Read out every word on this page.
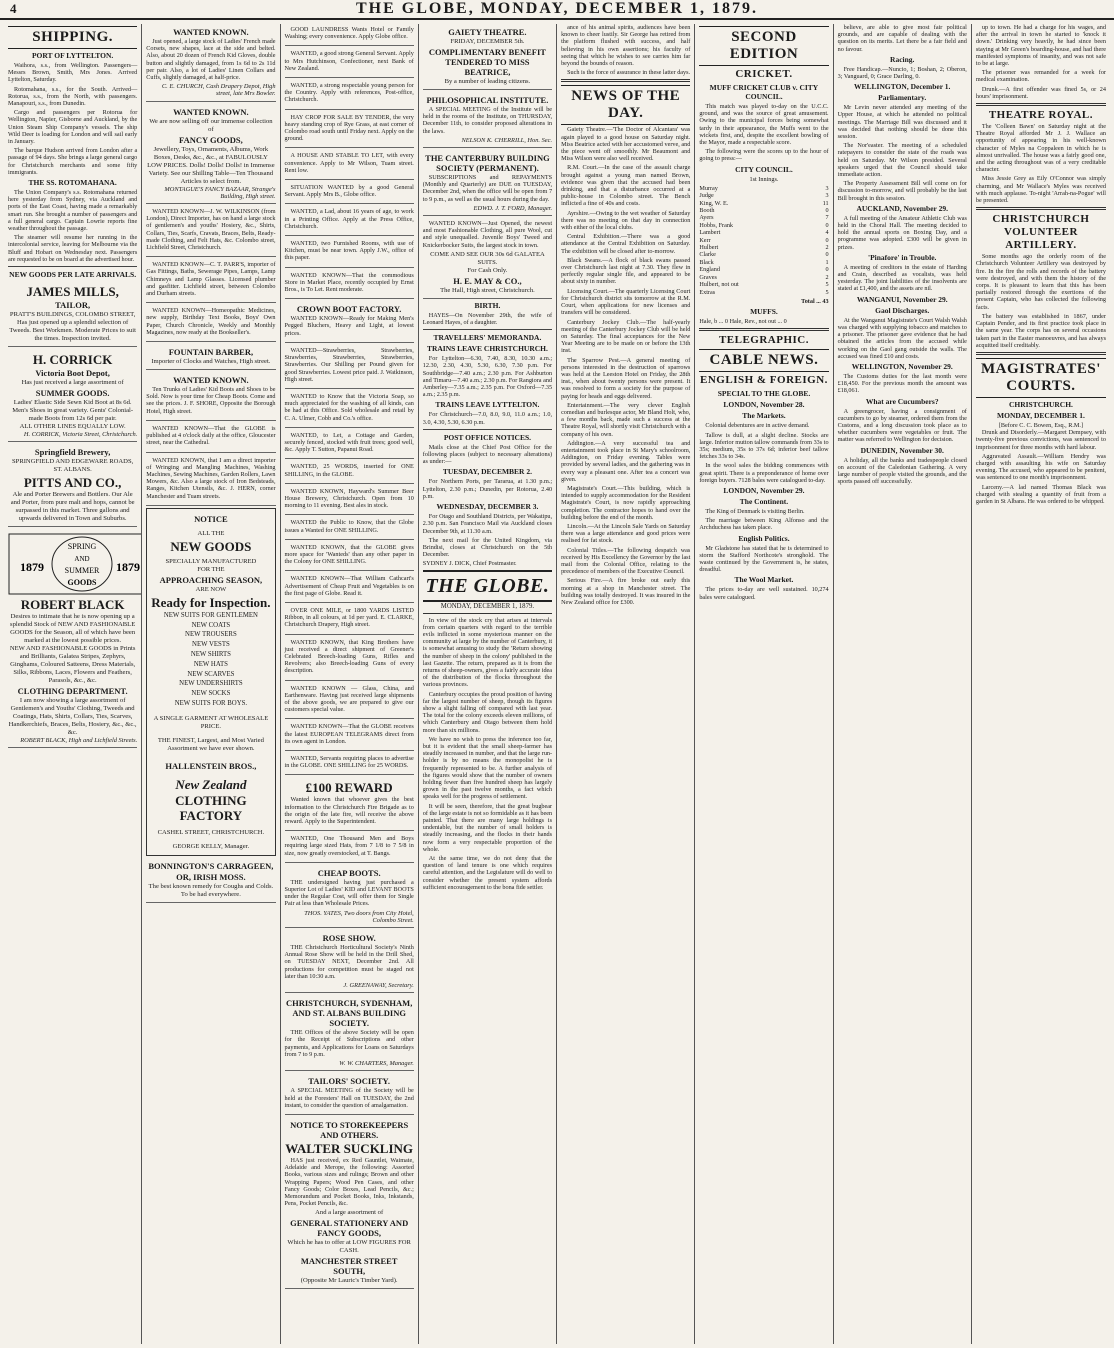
4	THE GLOBE, MONDAY, DECEMBER 1, 1879.
SHIPPING.
PORT OF LYTTELTON.

Waihora, s.s., from Wellington. Passengers—Messrs Brown, Smith, Mrs Jones. Arrived Lyttelton, Saturday.

Rotomahana, s.s., for the South. Arrived—Rotorua, s.s., from the North, with passengers. Manapouri, s.s., from Dunedin.

Cargo and passengers per Rotorua for Wellington, Napier, Gisborne and Auckland, by the Union Steam Ship Company's vessels. The ship Wild Deer is loading for London and will sail early in January.

The barque Hudson arrived from London after a passage of 94 days. She brings a large general cargo for Christchurch merchants and some fifty immigrants.

THE SS. ROTOMAHANA.

The Union Company's s.s. Rotomahana returned here yesterday from Sydney, via Auckland and ports of the East Coast, having made a remarkably smart run. She brought a number of passengers and a full general cargo. Captain Lowrie reports fine weather throughout the passage.

The steamer will resume her running in the intercolonial service, leaving for Melbourne via the Bluff and Hobart on Wednesday next. Passengers are requested to be on board at the advertised hour.

NEW GOODS PER LATE ARRIVALS.
JAMES MILLS,
TAILOR,
PRATT'S BUILDINGS, COLOMBO STREET,
Has just opened up a splendid selection of Tweeds. Best Workmen. Moderate Prices to suit the times. Inspection invited.
H. CORRICK
Victoria Boot Depot,
Has just received a large assortment of
SUMMER GOODS.
Ladies' Elastic Side Sewn Kid Boot at 8s 6d. Men's Shoes in great variety. Gents' Colonial-made Boots from 12s 6d per pair.
ALL OTHER LINES EQUALLY LOW.
H. CORRICK, Victoria Street, Christchurch.
Springfield Brewery,
SPRINGFIELD AND EDGEWARE ROADS, ST. ALBANS.
PITTS AND CO.,
Ale and Porter Brewers and Bottlers. Our Ale and Porter, from pure malt and hops, cannot be surpassed in this market. Three gallons and upwards delivered in Town and Suburbs.
1879	1879
SPRING
AND
SUMMER
GOODS
ROBERT BLACK
Desires to intimate that he is now opening up a splendid Stock of NEW AND FASHIONABLE GOODS for the Season, all of which have been marked at the lowest possible prices.
NEW AND FASHIONABLE GOODS in Prints and Brilliants, Galatea Stripes, Zephyrs, Ginghams, Coloured Satteens, Dress Materials, Silks, Ribbons, Laces, Flowers and Feathers, Parasols, &c., &c.
CLOTHING DEPARTMENT.
I am now showing a large assortment of Gentlemen's and Youths' Clothing, Tweeds and Coatings, Hats, Shirts, Collars, Ties, Scarves, Handkerchiefs, Braces, Belts, Hosiery, &c., &c., &c.
ROBERT BLACK, High and Lichfield Streets.
WANTED KNOWN.

Just opened, a large stock of Ladies' French made Corsets, new shapes, lace at the side and belted. Also, about 20 dozen of French Kid Gloves, double button and slightly damaged, from 1s 6d to 2s 11d per pair. Also, a lot of Ladies' Linen Collars and Cuffs, slightly damaged, at half-price.

C. E. CHURCH, Cash Drapery Depot, High street, late Mrs Bowler.
WANTED KNOWN.
We are now selling off our immense collection of
FANCY GOODS,
Jewellery, Toys, Ornaments, Albums, Work Boxes, Desks, &c., &c., at FABULOUSLY LOW PRICES. Dolls! Dolls! Dolls! in Immense Variety. See our Shilling Table—Ten Thousand Articles to select from.
MONTAGUE'S FANCY BAZAAR, Strange's Building, High street.

WANTED KNOWN—J. W. WILKINSON (from London), Direct Importer, has on hand a large stock of gentlemen's and youths' Hosiery, &c., Shirts, Collars, Ties, Scarfs, Cravats, Braces, Belts, Ready-made Clothing, and Felt Hats, &c. Colombo street, Lichfield Street, Christchurch.

WANTED KNOWN—C. T. PARR'S, importer of Gas Fittings, Baths, Sewerage Pipes, Lamps, Lamp Chimneys and Lamp Glasses. Licensed plumber and gasfitter. Lichfield street, between Colombo and Durham streets.

WANTED KNOWN—Homeopathic Medicines, new supply, Birthday Text Books, Boys' Own Paper, Church Chronicle, Weekly and Monthly Magazines, now ready at the Bookseller's.

FOUNTAIN BARBER,
Importer of Clocks and Watches, High street.
WANTED KNOWN.

Ten Trunks of Ladies' Kid Boots and Shoes to be Sold. Now is your time for Cheap Boots. Come and see the prices. J. F. SHORE, Opposite the Borough Hotel, High street.

WANTED KNOWN—That the GLOBE is published at 4 o'clock daily at the office, Gloucester street, near the Cathedral.

WANTED KNOWN, that I am a direct importer of Wringing and Mangling Machines, Washing Machines, Sewing Machines, Garden Rollers, Lawn Mowers, &c. Also a large stock of Iron Bedsteads, Ranges, Kitchen Utensils, &c. J. HERN, corner Manchester and Tuam streets.

NOTICE
ALL THE
NEW GOODS
SPECIALLY MANUFACTURED
FOR THE
APPROACHING SEASON,
ARE NOW
Ready for Inspection.
NEW SUITS FOR GENTLEMEN
NEW COATS
NEW TROUSERS
NEW VESTS
NEW SHIRTS
NEW HATS
NEW SCARVES
NEW UNDERSHIRTS
NEW SOCKS
NEW SUITS FOR BOYS.
A SINGLE GARMENT AT WHOLESALE PRICE.
THE FINEST, Largest, and Most Varied Assortment we have ever shown.
HALLENSTEIN BROS.,
New Zealand
CLOTHING FACTORY
CASHEL STREET, CHRISTCHURCH.
GEORGE KELLY, Manager.
BONNINGTON'S CARRAGEEN,
OR, IRISH MOSS.
The best known remedy for Coughs and Colds. To be had everywhere.

GOOD LAUNDRESS Wants Hotel or Family Washing; every convenience. Apply Globe office.

WANTED, a good strong General Servant. Apply to Mrs Hutchinson, Confectioner, next Bank of New Zealand.

WANTED, a strong respectable young person for the Country. Apply with references, Post-office, Christchurch.

HAY CROP FOR SALE BY TENDER, the very heavy standing crop of Rye Grass, at east corner of Colombo road south until Friday next. Apply on the ground.

A HOUSE AND STABLE TO LET, with every convenience. Apply to Mr Wilson, Tuam street. Rent low.

SITUATION WANTED by a good General Servant. Apply Mrs B., Globe office.

WANTED, a Lad, about 16 years of age, to work in a Printing Office. Apply at the Press Office, Christchurch.

WANTED, two Furnished Rooms, with use of Kitchen, must be near town. Apply J.W., office of this paper.

WANTED KNOWN—That the commodious Store in Market Place, recently occupied by Ernst Bros., is To Let. Rent moderate.

CROWN BOOT FACTORY.

WANTED KNOWN—Ready for Making Men's Pegged Bluchers, Heavy and Light, at lowest prices.

WANTED—Strawberries, Strawberries, Strawberries, Strawberries, Strawberries, Strawberries. Our Shilling per Pound given for good Strawberries. Lowest price paid. J. Watkinson, High street.

WANTED to Know that the Victoria Soap, so much appreciated for the washing of all kinds, can be had at this Office. Sold wholesale and retail by C. A. Ulmer, Cobb and Co.'s office.

WANTED, to Let, a Cottage and Garden, securely fenced, stocked with fruit trees; good well, &c. Apply T. Sutton, Papanui Road.

WANTED, 25 WORDS, inserted for ONE SHILLING, in the GLOBE.

WANTED KNOWN, Hayward's Summer Beer House Brewery, Christchurch. Open from 10 morning to 11 evening. Best ales in stock.

WANTED the Public to Know, that the Globe issues a Wanted for ONE SHILLING.

WANTED KNOWN, that the GLOBE gives more space for 'Wanteds' than any other paper in the Colony for ONE SHILLING.

WANTED KNOWN—That William Cathcart's Advertisement of Cheap Fruit and Vegetables is on the first page of Globe. Read it.

OVER ONE MILE, or 1800 YARDS LISTED Ribbon, in all colours, at 1d per yard. E. CLARKE, Christchurch Drapery, High street.

WANTED KNOWN, that King Brothers have just received a direct shipment of Greener's Celebrated Breech-loading Guns, Rifles and Revolvers; also Breech-loading Guns of every description.

WANTED KNOWN — Glass, China, and Earthenware. Having just received large shipments of the above goods, we are prepared to give our customers special value.

WANTED KNOWN—That the GLOBE receives the latest EUROPEAN TELEGRAMS direct from its own agent in London.

WANTED, Servants requiring places to advertise in the GLOBE. ONE SHILLING for 25 WORDS.

£100 REWARD

Wanted known that whoever gives the best information to the Christchurch Fire Brigade as to the origin of the late fire, will receive the above reward. Apply to the Superintendent.

WANTED, One Thousand Men and Boys requiring large sized Hats, from 7 1/8 to 7 5/8 in size, now greatly overstocked, at T. Bangs.

CHEAP BOOTS.

THE undersigned having just purchased a Superior Lot of Ladies' KID and LEVANT BOOTS under the Regular Cost, will offer them for Single Pair at less than Wholesale Prices.

THOS. YATES, Two doors from City Hotel, Colombo Street.
ROSE SHOW.

THE Christchurch Horticultural Society's Ninth Annual Rose Show will be held in the Drill Shed, on TUESDAY NEXT, December 2nd. All productions for competition must be staged not later than 10:30 a.m.

J. GREENAWAY, Secretary.
CHRISTCHURCH, SYDENHAM, AND ST. ALBANS BUILDING SOCIETY.

THE Offices of the above Society will be open for the Receipt of Subscriptions and other payments, and Applications for Loans on Saturdays from 7 to 9 p.m.

W. W. CHARTERS, Manager.
TAILORS' SOCIETY.

A SPECIAL MEETING of the Society will be held at the Foresters' Hall on TUESDAY, the 2nd instant, to consider the question of amalgamation.

NOTICE TO STOREKEEPERS AND OTHERS.
WALTER SUCKLING

HAS just received, ex Red Gauntlet, Waimate, Adelaide and Merope, the following: Assorted Books, various sizes and rulings; Brown and other Wrapping Papers; Wood Pen Cases, and other Fancy Goods; Color Boxes, Lead Pencils, &c.; Memorandum and Pocket Books, Inks, Inkstands, Pens, Pocket Pencils, &c.

And a large assortment of
GENERAL STATIONERY AND FANCY GOODS,
Which he has to offer at LOW FIGURES FOR CASH.
MANCHESTER STREET SOUTH,
(Opposite Mr Lauric's Timber Yard).
GAIETY THEATRE.
FRIDAY, DECEMBER 5th.
COMPLIMENTARY BENEFIT TENDERED TO MISS BEATRICE,
By a number of leading citizens.
PHILOSOPHICAL INSTITUTE.

A SPECIAL MEETING of the Institute will be held in the rooms of the Institute, on THURSDAY, December 11th, to consider proposed alterations in the laws.

NELSON K. CHERRILL, Hon. Sec.
THE CANTERBURY BUILDING SOCIETY (PERMANENT).

SUBSCRIPTIONS and REPAYMENTS (Monthly and Quarterly) are DUE on TUESDAY, December 2nd, when the office will be open from 7 to 9 p.m., as well as the usual hours during the day.

EDWD. J. T. FORD, Manager.

WANTED KNOWN—Just Opened, the newest and most Fashionable Clothing, all pure Wool, cut and style unequalled. Juvenile Boys' Tweed and Knickerbocker Suits, the largest stock in town.

COME AND SEE OUR 30s 6d GALATEA SUITS.
For Cash Only.
H. E. MAY & CO.,
The Hall, High street, Christchurch.
BIRTH.

HAYES—On November 29th, the wife of Leonard Hayes, of a daughter.

TRAVELLERS' MEMORANDA.
TRAINS LEAVE CHRISTCHURCH.

For Lyttelton—6.30, 7.40, 8.30, 10.30 a.m.; 12.30, 2.30, 4.30, 5.30, 6.30, 7.30 p.m. For Southbridge—7.40 a.m.; 2.30 p.m. For Ashburton and Timaru—7.40 a.m.; 2.30 p.m. For Rangiora and Amberley—7.35 a.m.; 2.35 p.m. For Oxford—7.35 a.m.; 2.35 p.m.

TRAINS LEAVE LYTTELTON.

For Christchurch—7.0, 8.0, 9.0, 11.0 a.m.; 1.0, 3.0, 4.30, 5.30, 6.30 p.m.

POST OFFICE NOTICES.

Mails close at the Chief Post Office for the following places (subject to necessary alterations) as under:—

TUESDAY, DECEMBER 2.

For Northern Ports, per Tararua, at 1.30 p.m.; Lyttelton, 2.30 p.m.; Dunedin, per Rotorua, 2.40 p.m.

WEDNESDAY, DECEMBER 3.

For Otago and Southland Districts, per Wakatipu, 2.30 p.m. San Francisco Mail via Auckland closes December 9th, at 11.30 a.m.

The next mail for the United Kingdom, via Brindisi, closes at Christchurch on the 5th December.

SYDNEY J. DICK, Chief Postmaster.
THE GLOBE.
MONDAY, DECEMBER 1, 1879.

In view of the stock cry that arises at intervals from certain quarters with regard to the terrible evils inflicted in some mysterious manner on the community at large by the number of Canterbury, it is somewhat amusing to study the 'Return showing the number of sheep in the colony' published in the last Gazette. The return, prepared as it is from the returns of sheep-owners, gives a fairly accurate idea of the distribution of the flocks throughout the various provinces.

Canterbury occupies the proud position of having far the largest number of sheep, though its figures show a slight falling off compared with last year. The total for the colony exceeds eleven millions, of which Canterbury and Otago between them hold more than six millions.

We have no wish to press the inference too far, but it is evident that the small sheep-farmer has steadily increased in number, and that the large run-holder is by no means the monopolist he is frequently represented to be. A further analysis of the figures would show that the number of owners holding fewer than five hundred sheep has largely grown in the past twelve months, a fact which speaks well for the progress of settlement.

It will be seen, therefore, that the great bugbear of the large estate is not so formidable as it has been painted. That there are many large holdings is undeniable, but the number of small holders is steadily increasing, and the flocks in their hands now form a very respectable proportion of the whole.

At the same time, we do not deny that the question of land tenure is one which requires careful attention, and the Legislature will do well to consider whether the present system affords sufficient encouragement to the bona fide settler.

ance of his animal spirits, audiences have been known to cheer lustily. Sir George has retired from the platform flushed with success, and half believing in his own assertions; his faculty of seeing that which he wishes to see carries him far beyond the bounds of reason.

Such is the force of assurance in these latter days.

NEWS OF THE DAY.

Gaiety Theatre.—'The Doctor of Alcantara' was again played to a good house on Saturday night. Miss Beatrice acted with her accustomed verve, and the piece went off smoothly. Mr Beaumont and Miss Wilson were also well received.

R.M. Court.—In the case of the assault charge brought against a young man named Brown, evidence was given that the accused had been drinking, and that a disturbance occurred at a public-house in Colombo street. The Bench inflicted a fine of 40s and costs.

Ayrshire.—Owing to the wet weather of Saturday there was no meeting on that day in connection with either of the local clubs.

Central Exhibition.—There was a good attendance at the Central Exhibition on Saturday. The exhibition will be closed after to-morrow.

Black Swans.—A flock of black swans passed over Christchurch last night at 7.30. They flew in perfectly regular single file, and appeared to be about sixty in number.

Licensing Court.—The quarterly Licensing Court for Christchurch district sits tomorrow at the R.M. Court, when applications for new licenses and transfers will be considered.

Canterbury Jockey Club.—The half-yearly meeting of the Canterbury Jockey Club will be held on Saturday. The final acceptances for the New Year Meeting are to be made on or before the 13th inst.

The Sparrow Pest.—A general meeting of persons interested in the destruction of sparrows was held at the Leeston Hotel on Friday, the 28th inst., when about twenty persons were present. It was resolved to form a society for the purpose of paying for heads and eggs delivered.

Entertainment.—The very clever English comedian and burlesque actor, Mr Bland Holt, who, a few months back, made such a success at the Theatre Royal, will shortly visit Christchurch with a company of his own.

Addington.—A very successful tea and entertainment took place in St Mary's schoolroom, Addington, on Friday evening. Tables were provided by several ladies, and the gathering was in every way a pleasant one. After tea a concert was given.

Magistrate's Court.—This building, which is intended to supply accommodation for the Resident Magistrate's Court, is now rapidly approaching completion. The contractor hopes to hand over the building before the end of the month.

Lincoln.—At the Lincoln Sale Yards on Saturday there was a large attendance and good prices were realised for fat stock.

Colonial Titles.—The following despatch was received by His Excellency the Governor by the last mail from the Colonial Office, relating to the precedence of members of the Executive Council.

Serious Fire.—A fire broke out early this morning at a shop in Manchester street. The building was totally destroyed. It was insured in the New Zealand office for £300.

SECOND EDITION
CRICKET.
MUFF CRICKET CLUB v. CITY COUNCIL.

This match was played to-day on the U.C.C. ground, and was the source of great amusement. Owing to the municipal forces being somewhat tardy in their appearance, the Muffs went to the wickets first, and, despite the excellent bowling of the Mayor, made a respectable score.

The following were the scores up to the hour of going to press:—

CITY COUNCIL.
1st Innings.
Murray	3
Judge	3
King, W. E.	11
Booth	0
Ayers	7
Hobbs, Frank	0
Lambert	4
Kerr	0
Hulbert	2
Clarke	0
Black	1
England	0
Graves	2
Hulbert, not out	5
Extras	5
Total ... 43
MUFFS.
Hale, b ... 0 Hale, Rev., not out ... 0
TELEGRAPHIC.
CABLE NEWS.
ENGLISH & FOREIGN.
SPECIAL TO THE GLOBE.
LONDON, November 28.
The Markets.

Colonial debentures are in active demand.

Tallow is dull, at a slight decline. Stocks are large. Inferior mutton tallow commands from 33s to 35s; medium, 35s to 37s 6d; inferior beef tallow fetches 33s to 34s.

In the wool sales the bidding commences with great spirit. There is a preponderance of home over foreign buyers. 7128 bales were catalogued to-day.

LONDON, November 29.
The Continent.

The King of Denmark is visiting Berlin.

The marriage between King Alfonso and the Archduchess has taken place.

English Politics.

Mr Gladstone has stated that he is determined to storm the Stafford Northcote's stronghold. The waste continued by the Government is, he states, dreadful.

The Wool Market.

The prices to-day are well sustained. 10,274 bales were catalogued.

believe, are able to give most fair political grounds, and are capable of dealing with the question on its merits. Let there be a fair field and no favour.

Racing.

Free Handicap.—Nuncio, 1; Boshan, 2; Oberon, 3; Vanguard, 0; Grace Darling, 0.

WELLINGTON, December 1.
Parliamentary.

Mr Levin never attended any meeting of the Upper House, at which he attended no political meetings. The Marriage Bill was discussed and it was decided that nothing should be done this session.

The Nor'easter. The meeting of a scheduled ratepayers to consider the state of the roads was held on Saturday. Mr Wilson presided. Several speakers urged that the Council should take immediate action.

The Property Assessment Bill will come on for discussion to-morrow, and will probably be the last Bill brought in this session.

AUCKLAND, November 29.

A full meeting of the Amateur Athletic Club was held in the Choral Hall. The meeting decided to hold the annual sports on Boxing Day, and a programme was adopted. £300 will be given in prizes.

'Pinafore' in Trouble.

A meeting of creditors in the estate of Harding and Crain, described as vocalists, was held yesterday. The joint liabilities of the insolvents are stated at £1,400, and the assets are nil.

WANGANUI, November 29.
Gaol Discharges.

At the Wanganui Magistrate's Court Walsh Walsh was charged with supplying tobacco and matches to a prisoner. The prisoner gave evidence that he had obtained the articles from the accused while working on the Gaol gang outside the walls. The accused was fined £10 and costs.

WELLINGTON, November 29.

The Customs duties for the last month were £18,450. For the previous month the amount was £18,061.

What are Cucumbers?

A greengrocer, having a consignment of cucumbers to go by steamer, ordered them from the Customs, and a long discussion took place as to whether cucumbers were vegetables or fruit. The matter was referred to Wellington for decision.

DUNEDIN, November 30.

A holiday, all the banks and tradespeople closed on account of the Caledonian Gathering. A very large number of people visited the grounds, and the sports passed off successfully.

up to town. He had a charge for his wages, and after the arrival in town he started to 'knock it down.' Drinking very heavily, he had since been staying at Mr Green's boarding-house, and had there manifested symptoms of insanity, and was not safe to be at large.

The prisoner was remanded for a week for medical examination.

Drunk.—A first offender was fined 5s, or 24 hours' imprisonment.

THEATRE ROYAL.

The 'Colleen Bawn' on Saturday night at the Theatre Royal afforded Mr J. J. Wallace an opportunity of appearing in his well-known character of Myles na Coppaleen in which he is almost unrivalled. The house was a fairly good one, and the acting throughout was of a very creditable character.

Miss Jessie Grey as Eily O'Connor was simply charming, and Mr Wallace's Myles was received with much applause. To-night 'Arrah-na-Pogue' will be presented.

CHRISTCHURCH VOLUNTEER ARTILLERY.

Some months ago the orderly room of the Christchurch Volunteer Artillery was destroyed by fire. In the fire the rolls and records of the battery were destroyed, and with them the history of the corps. It is pleasant to learn that this has been partially restored through the exertions of the present Captain, who has collected the following facts.

The battery was established in 1867, under Captain Pender, and its first practice took place in the same year. The corps has on several occasions taken part in the Easter manoeuvres, and has always acquitted itself creditably.

MAGISTRATES' COURTS.
CHRISTCHURCH.
MONDAY, DECEMBER 1.
[Before C. C. Bowen, Esq., R.M.]

Drunk and Disorderly.—Margaret Dempsey, with twenty-five previous convictions, was sentenced to imprisonment for three months with hard labour.

Aggravated Assault.—William Hendry was charged with assaulting his wife on Saturday evening. The accused, who appeared to be penitent, was sentenced to one month's imprisonment.

Larceny.—A lad named Thomas Black was charged with stealing a quantity of fruit from a garden in St Albans. He was ordered to be whipped.
